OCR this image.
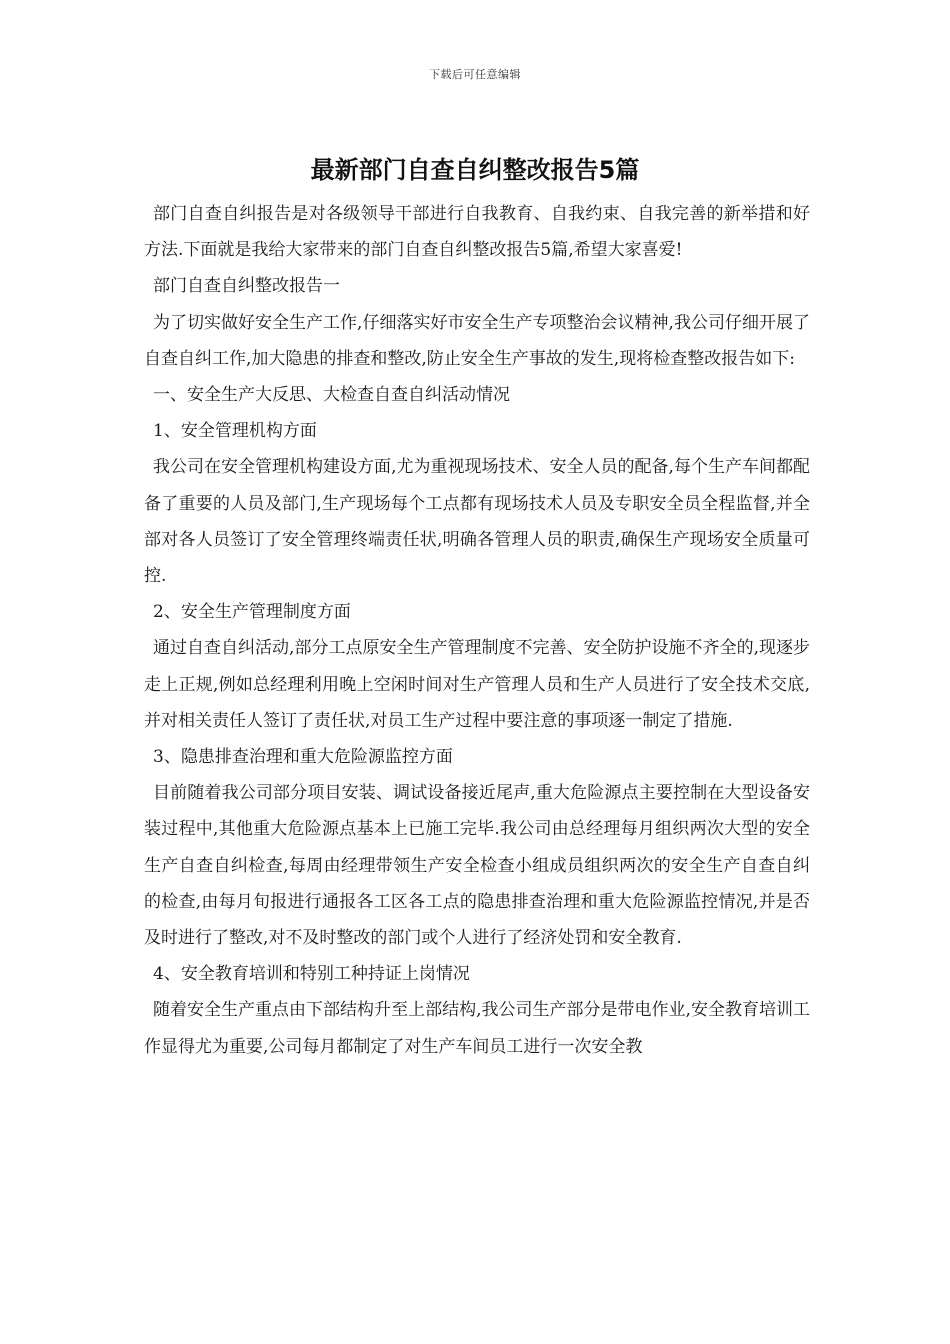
下载后可任意编辑
最新部门自查自纠整改报告5篇

部门自查自纠报告是对各级领导干部进行自我教育、自我约束、自我完善的新举措和好方法.下面就是我给大家带来的部门自查自纠整改报告5篇,希望大家喜爱!

部门自查自纠整改报告一

为了切实做好安全生产工作,仔细落实好市安全生产专项整治会议精神,我公司仔细开展了自查自纠工作,加大隐患的排查和整改,防止安全生产事故的发生,现将检查整改报告如下:

一、安全生产大反思、大检查自查自纠活动情况

1、安全管理机构方面

我公司在安全管理机构建设方面,尤为重视现场技术、安全人员的配备,每个生产车间都配备了重要的人员及部门,生产现场每个工点都有现场技术人员及专职安全员全程监督,并全部对各人员签订了安全管理终端责任状,明确各管理人员的职责,确保生产现场安全质量可控.

2、安全生产管理制度方面

通过自查自纠活动,部分工点原安全生产管理制度不完善、安全防护设施不齐全的,现逐步走上正规,例如总经理利用晚上空闲时间对生产管理人员和生产人员进行了安全技术交底,并对相关责任人签订了责任状,对员工生产过程中要注意的事项逐一制定了措施.

3、隐患排查治理和重大危险源监控方面

目前随着我公司部分项目安装、调试设备接近尾声,重大危险源点主要控制在大型设备安装过程中,其他重大危险源点基本上已施工完毕.我公司由总经理每月组织两次大型的安全生产自查自纠检查,每周由经理带领生产安全检查小组成员组织两次的安全生产自查自纠的检查,由每月旬报进行通报各工区各工点的隐患排查治理和重大危险源监控情况,并是否及时进行了整改,对不及时整改的部门或个人进行了经济处罚和安全教育.

4、安全教育培训和特别工种持证上岗情况

随着安全生产重点由下部结构升至上部结构,我公司生产部分是带电作业,安全教育培训工作显得尤为重要,公司每月都制定了对生产车间员工进行一次安全教
